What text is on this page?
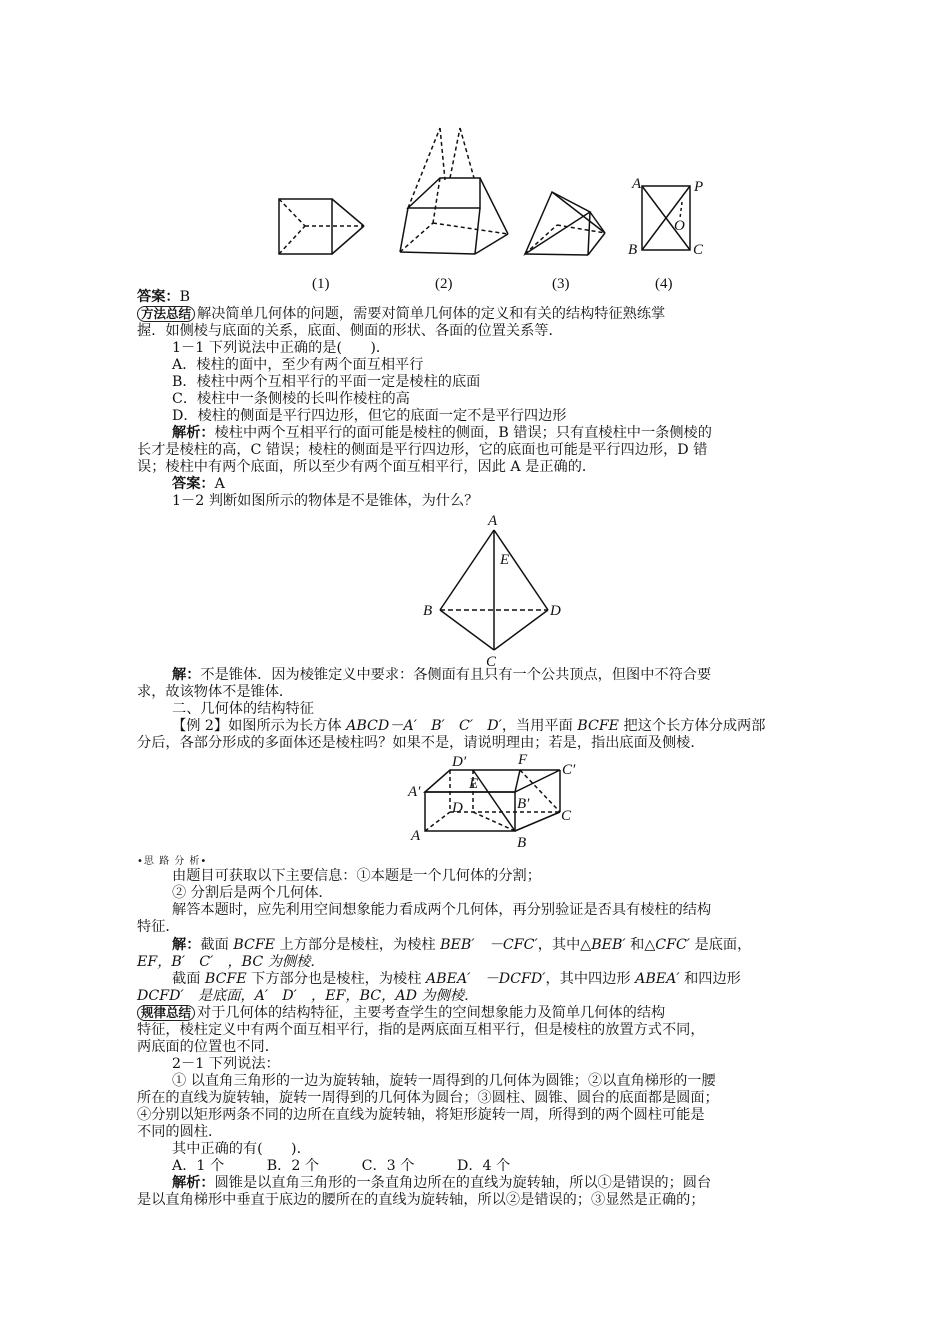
A	P
O
B	C
(1)	(2)	(3)	(4)
答案：B
方法总结 解决简单几何体的问题，需要对简单几何体的定义和有关的结构特征熟练掌
握．如侧棱与底面的关系，底面、侧面的形状、各面的位置关系等．
1－1 下列说法中正确的是(　　)．
A．棱柱的面中，至少有两个面互相平行
B．棱柱中两个互相平行的平面一定是棱柱的底面
C．棱柱中一条侧棱的长叫作棱柱的高
D．棱柱的侧面是平行四边形，但它的底面一定不是平行四边形
解析：棱柱中两个互相平行的面可能是棱柱的侧面，B 错误；只有直棱柱中一条侧棱的
长才是棱柱的高，C 错误；棱柱的侧面是平行四边形，它的底面也可能是平行四边形，D 错
误；棱柱中有两个底面，所以至少有两个面互相平行，因此 A 是正确的．
答案：A
1－2 判断如图所示的物体是不是锥体，为什么？
A
E
B	D
C
解：不是锥体．因为棱锥定义中要求：各侧面有且只有一个公共顶点，但图中不符合要
求，故该物体不是锥体．
二、几何体的结构特征
【例 2】如图所示为长方体 ABCD－A′　B′　C′　D′，当用平面 BCFE 把这个长方体分成两部
分后，各部分形成的多面体还是棱柱吗？如果不是，请说明理由；若是，指出底面及侧棱．
D′	F
C′
A′	E
B′
D	C
A	B
•思 路 分 析•
由题目可获取以下主要信息：①本题是一个几何体的分割；
② 分割后是两个几何体．
解答本题时，应先利用空间想象能力看成两个几何体，再分别验证是否具有棱柱的结构
特征．
解：截面 BCFE 上方部分是棱柱，为棱柱 BEB′　－CFC′，其中△BEB′ 和△CFC′ 是底面，
EF，B′　C′　，BC 为侧棱．
截面 BCFE 下方部分也是棱柱，为棱柱 ABEA′　－DCFD′，其中四边形 ABEA′ 和四边形
DCFD′　是底面，A′　D′　，EF，BC，AD 为侧棱．
规律总结 对于几何体的结构特征，主要考查学生的空间想象能力及简单几何体的结构
特征，棱柱定义中有两个面互相平行，指的是两底面互相平行，但是棱柱的放置方式不同，
两底面的位置也不同．
2－1 下列说法：
① 以直角三角形的一边为旋转轴，旋转一周得到的几何体为圆锥；②以直角梯形的一腰
所在的直线为旋转轴，旋转一周得到的几何体为圆台；③圆柱、圆锥、圆台的底面都是圆面；
④分别以矩形两条不同的边所在直线为旋转轴，将矩形旋转一周，所得到的两个圆柱可能是
不同的圆柱．
其中正确的有(　　)．
A．1 个　　　B．2 个　　　C．3 个　　　D．4 个
解析：圆锥是以直角三角形的一条直角边所在的直线为旋转轴，所以①是错误的；圆台
是以直角梯形中垂直于底边的腰所在的直线为旋转轴，所以②是错误的；③显然是正确的；
